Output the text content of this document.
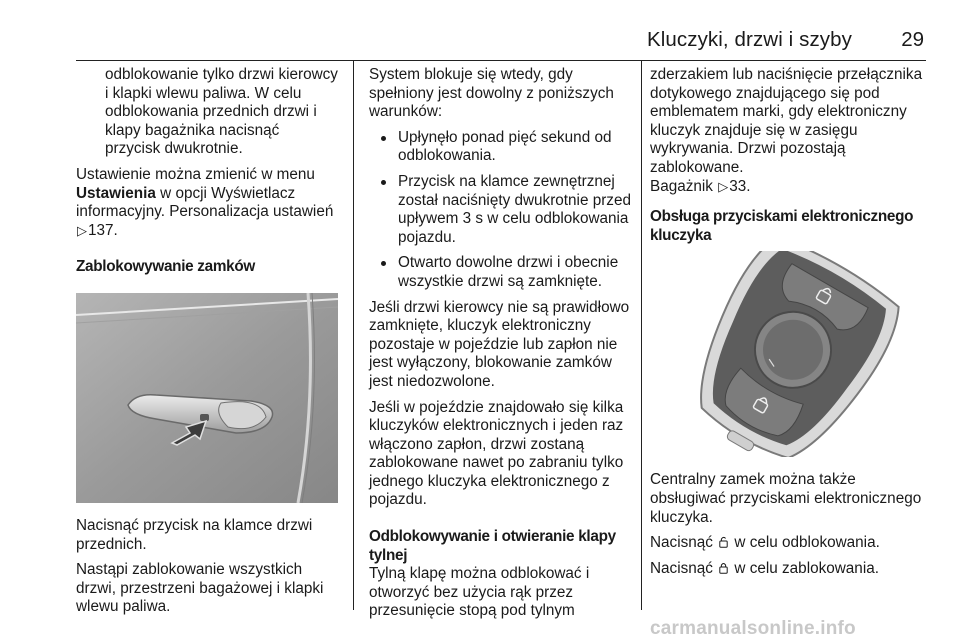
Kluczyki, drzwi i szyby 29

odblokowanie tylko drzwi kierowcy i klapki wlewu paliwa. W celu odblokowania przednich drzwi i klapy bagażnika nacisnąć przycisk dwukrotnie.

Ustawienie można zmienić w menu Ustawienia w opcji Wyświetlacz informacyjny. Personalizacja ustawień ▷137.

Zablokowywanie zamków

Nacisnąć przycisk na klamce drzwi przednich.

Nastąpi zablokowanie wszystkich drzwi, przestrzeni bagażowej i klapki wlewu paliwa.

System blokuje się wtedy, gdy spełniony jest dowolny z poniższych warunków:

Upłynęło ponad pięć sekund od odblokowania.
Przycisk na klamce zewnętrznej został naciśnięty dwukrotnie przed upływem 3 s w celu odblokowania pojazdu.
Otwarto dowolne drzwi i obecnie wszystkie drzwi są zamknięte.

Jeśli drzwi kierowcy nie są prawidłowo zamknięte, kluczyk elektroniczny pozostaje w pojeździe lub zapłon nie jest wyłączony, blokowanie zamków jest niedozwolone.

Jeśli w pojeździe znajdowało się kilka kluczyków elektronicznych i jeden raz włączono zapłon, drzwi zostaną zablokowane nawet po zabraniu tylko jednego kluczyka elektronicznego z pojazdu.

Odblokowywanie i otwieranie klapy tylnej

Tylną klapę można odblokować i otworzyć bez użycia rąk przez przesunięcie stopą pod tylnym

zderzakiem lub naciśnięcie przełącznika dotykowego znajdującego się pod emblematem marki, gdy elektroniczny kluczyk znajduje się w zasięgu wykrywania. Drzwi pozostają zablokowane.
Bagażnik ▷33.

Obsługa przyciskami elektronicznego kluczyka

Centralny zamek można także obsługiwać przyciskami elektronicznego kluczyka.

Nacisnąć  w celu odblokowania.

Nacisnąć  w celu zablokowania.

carmanualsonline.info
